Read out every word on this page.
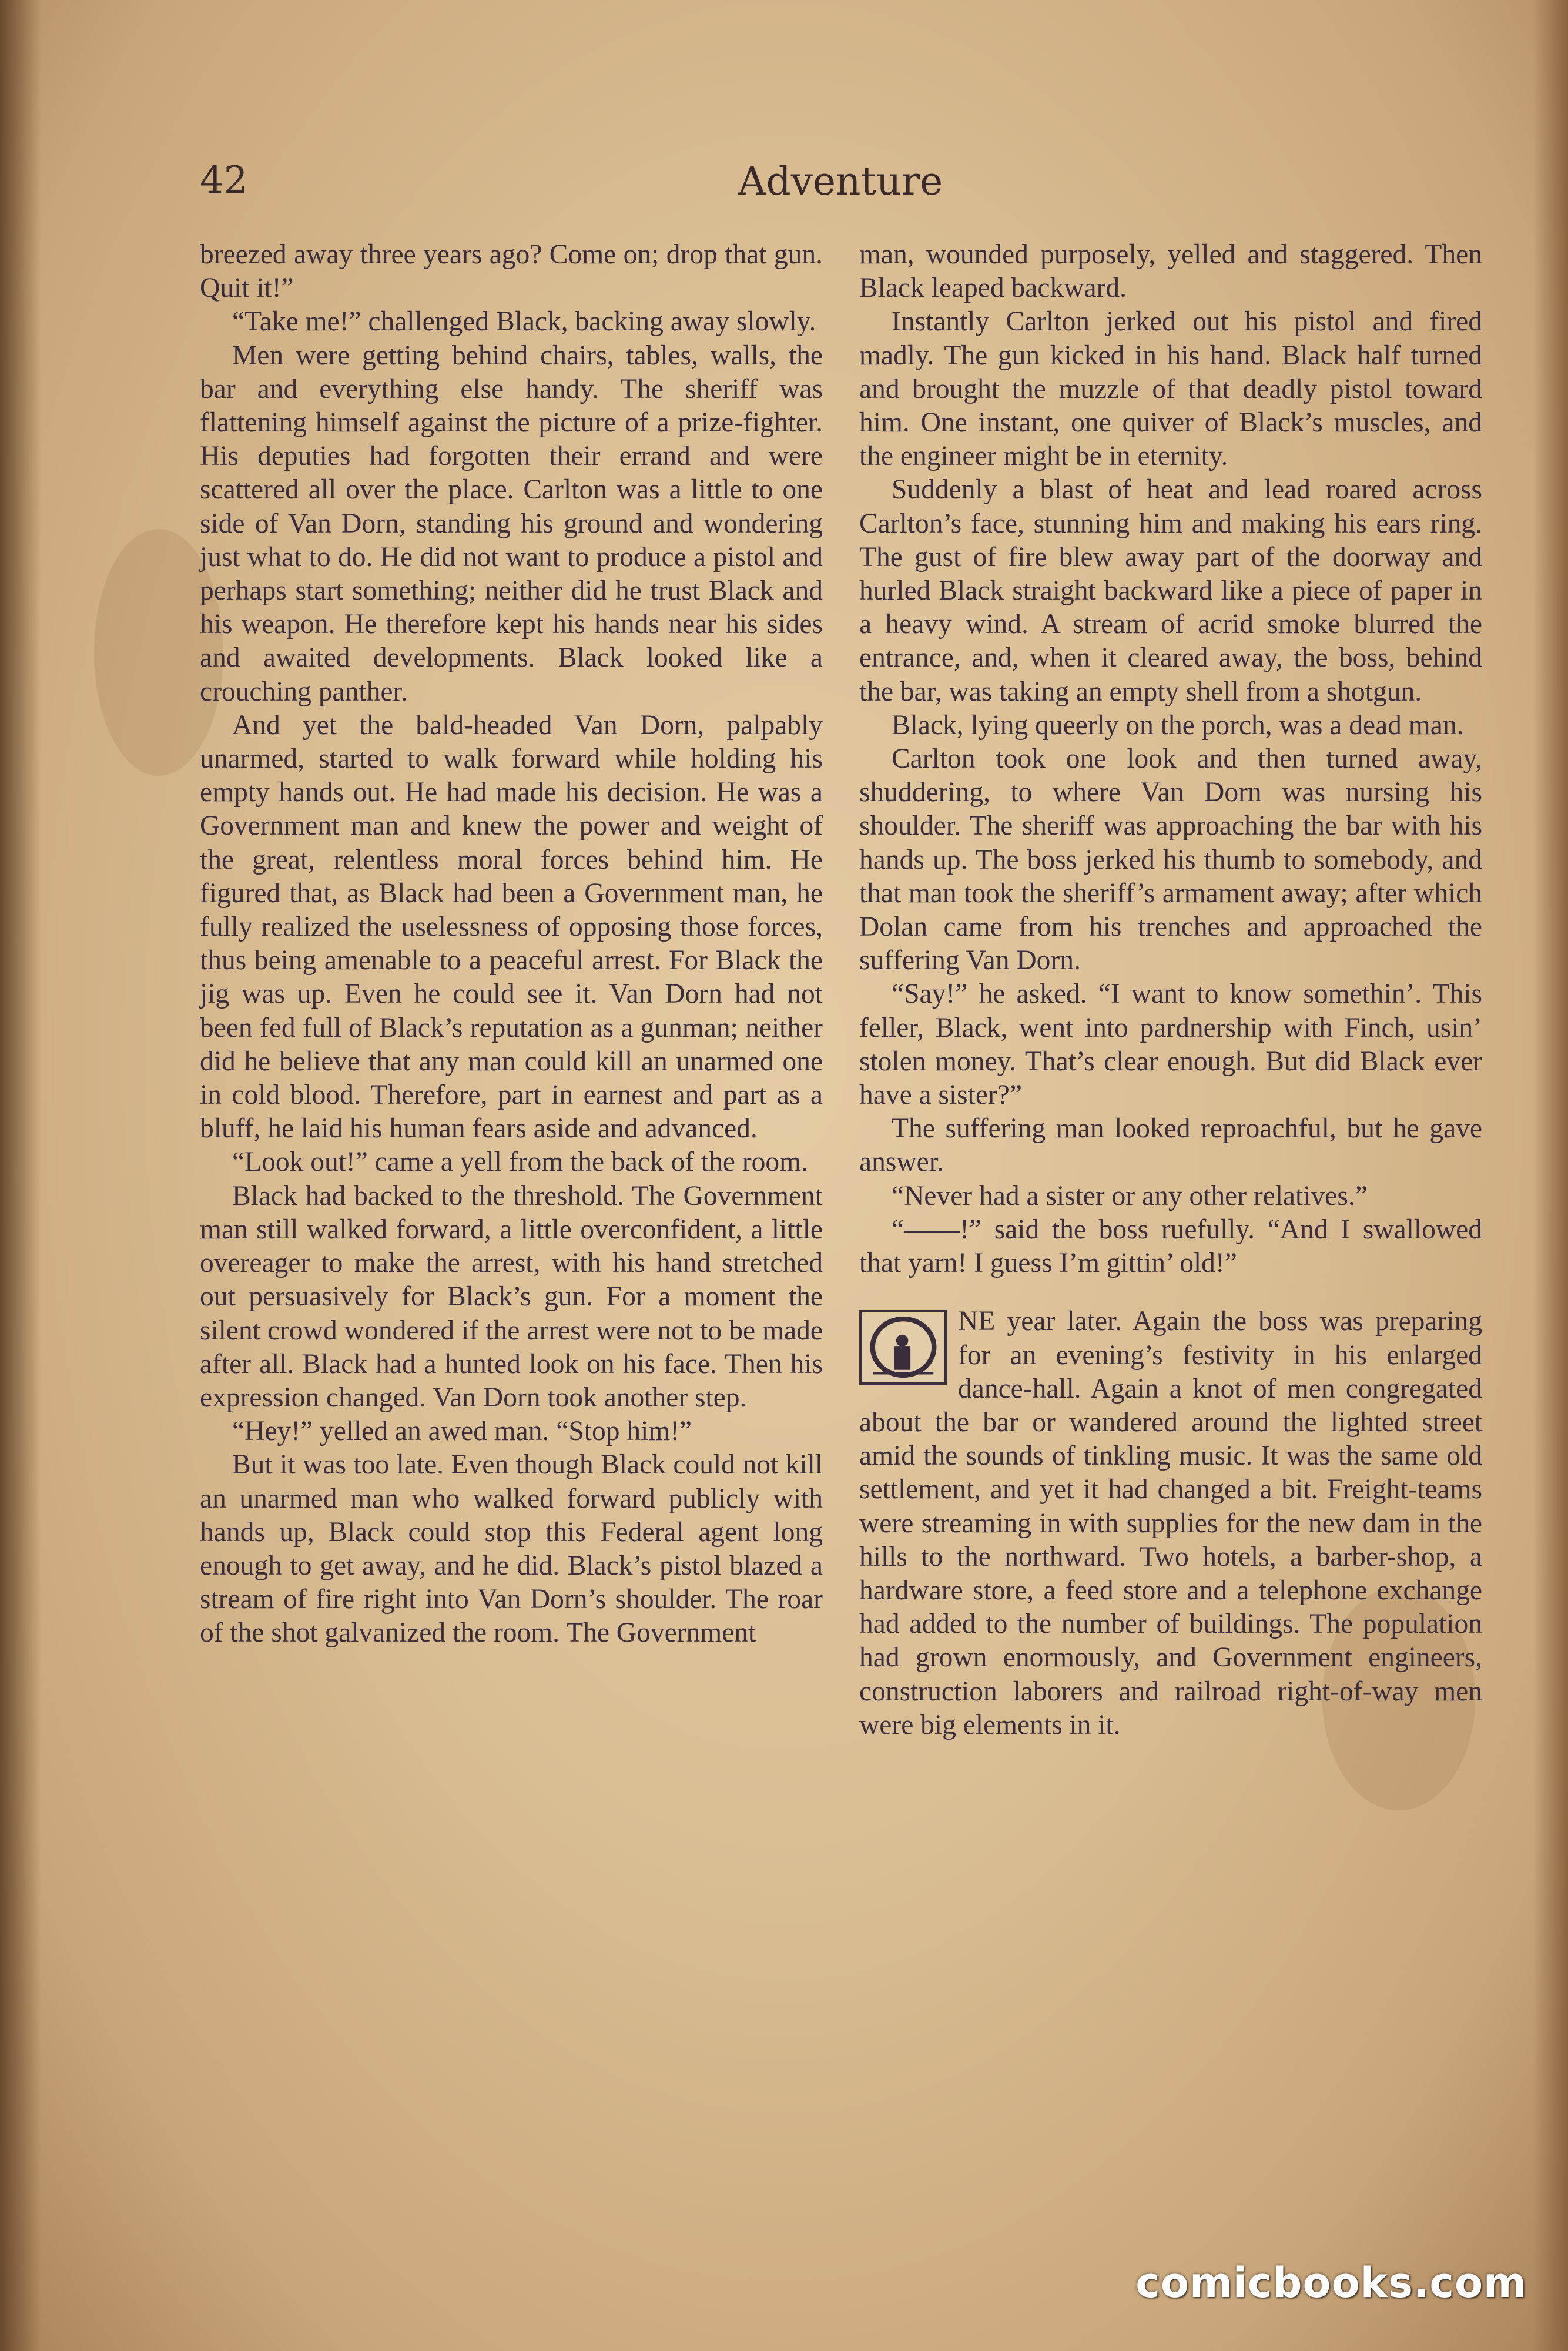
42	Adventure

breezed away three years ago? Come on; drop that gun. Quit it!”

“Take me!” challenged Black, backing away slowly.

Men were getting behind chairs, tables, walls, the bar and everything else handy. The sheriff was flattening himself against the picture of a prize-fighter. His deputies had forgotten their errand and were scattered all over the place. Carlton was a little to one side of Van Dorn, standing his ground and wondering just what to do. He did not want to produce a pistol and perhaps start something; neither did he trust Black and his weapon. He therefore kept his hands near his sides and awaited developments. Black looked like a crouching panther.

And yet the bald-headed Van Dorn, palpably unarmed, started to walk forward while holding his empty hands out. He had made his decision. He was a Government man and knew the power and weight of the great, relentless moral forces behind him. He figured that, as Black had been a Government man, he fully realized the uselessness of opposing those forces, thus being amenable to a peaceful arrest. For Black the jig was up. Even he could see it. Van Dorn had not been fed full of Black’s reputation as a gunman; neither did he believe that any man could kill an unarmed one in cold blood. Therefore, part in earnest and part as a bluff, he laid his human fears aside and advanced.

“Look out!” came a yell from the back of the room.

Black had backed to the threshold. The Government man still walked forward, a little overconfident, a little overeager to make the arrest, with his hand stretched out persuasively for Black’s gun. For a moment the silent crowd wondered if the arrest were not to be made after all. Black had a hunted look on his face. Then his expression changed. Van Dorn took another step.

“Hey!” yelled an awed man. “Stop him!”

But it was too late. Even though Black could not kill an unarmed man who walked forward publicly with hands up, Black could stop this Federal agent long enough to get away, and he did. Black’s pistol blazed a stream of fire right into Van Dorn’s shoulder. The roar of the shot galvanized the room. The Government

man, wounded purposely, yelled and staggered. Then Black leaped backward.

Instantly Carlton jerked out his pistol and fired madly. The gun kicked in his hand. Black half turned and brought the muzzle of that deadly pistol toward him. One instant, one quiver of Black’s muscles, and the engineer might be in eternity.

Suddenly a blast of heat and lead roared across Carlton’s face, stunning him and making his ears ring. The gust of fire blew away part of the doorway and hurled Black straight backward like a piece of paper in a heavy wind. A stream of acrid smoke blurred the entrance, and, when it cleared away, the boss, behind the bar, was taking an empty shell from a shotgun.

Black, lying queerly on the porch, was a dead man.

Carlton took one look and then turned away, shuddering, to where Van Dorn was nursing his shoulder. The sheriff was approaching the bar with his hands up. The boss jerked his thumb to somebody, and that man took the sheriff’s armament away; after which Dolan came from his trenches and approached the suffering Van Dorn.

“Say!” he asked. “I want to know somethin’. This feller, Black, went into pardnership with Finch, usin’ stolen money. That’s clear enough. But did Black ever have a sister?”

The suffering man looked reproachful, but he gave answer.

“Never had a sister or any other relatives.”

“——!” said the boss ruefully. “And I swallowed that yarn! I guess I’m gittin’ old!”

NE year later. Again the boss was preparing for an evening’s festivity in his enlarged dance-hall. Again a knot of men congregated about the bar or wandered around the lighted street amid the sounds of tinkling music. It was the same old settlement, and yet it had changed a bit. Freight-teams were streaming in with supplies for the new dam in the hills to the northward. Two hotels, a barber-shop, a hardware store, a feed store and a telephone exchange had added to the number of buildings. The population had grown enormously, and Government engineers, construction laborers and railroad right-of-way men were big elements in it.

comicbooks.com
